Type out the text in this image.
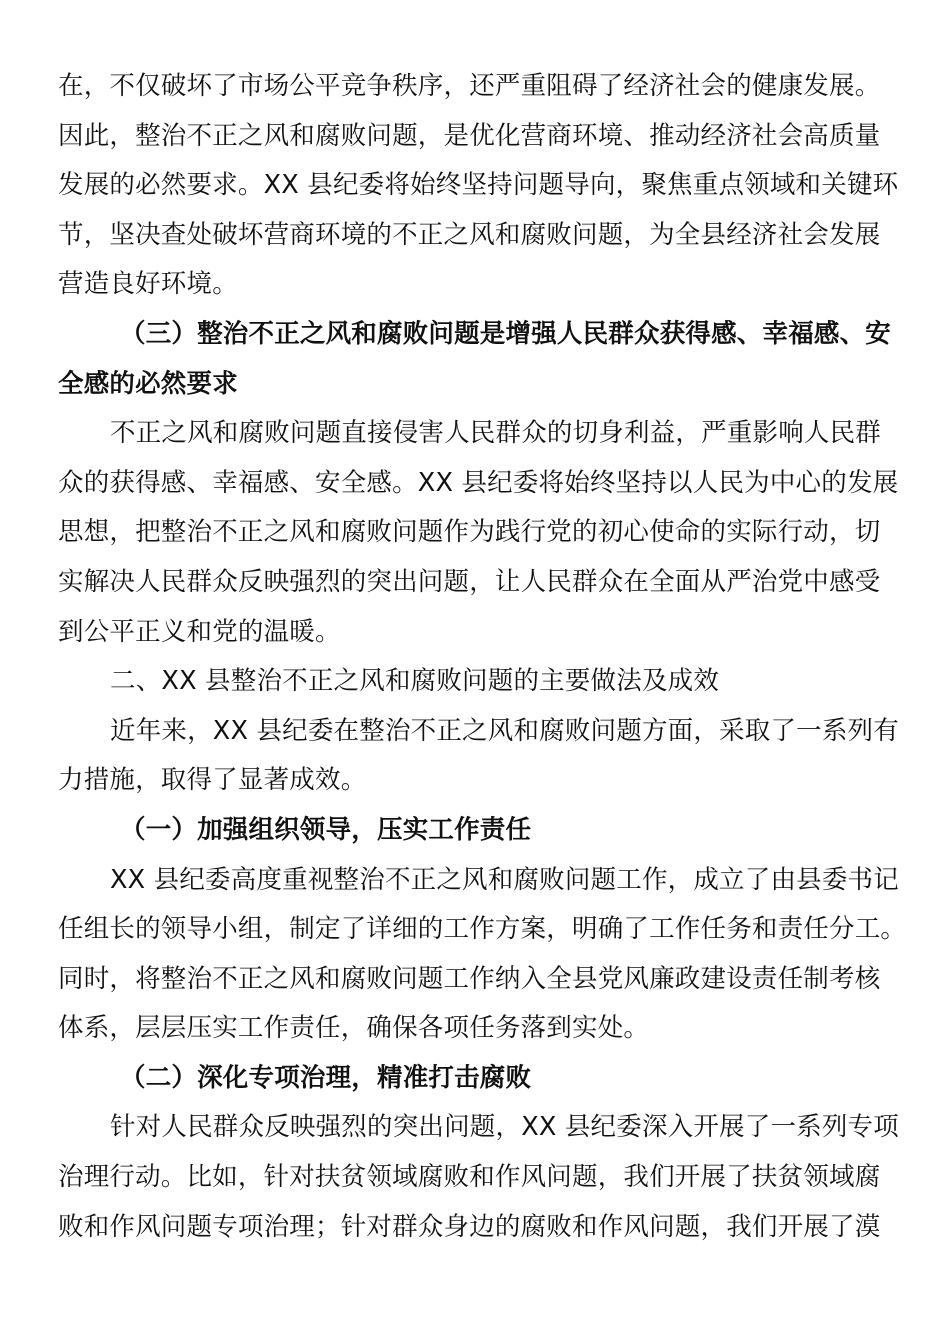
在，不仅破坏了市场公平竞争秩序，还严重阻碍了经济社会的健康发展。
因此，整治不正之风和腐败问题，是优化营商环境、推动经济社会高质量
发展的必然要求。XX 县纪委将始终坚持问题导向，聚焦重点领域和关键环
节，坚决查处破坏营商环境的不正之风和腐败问题，为全县经济社会发展
营造良好环境。
（三）整治不正之风和腐败问题是增强人民群众获得感、幸福感、安
全感的必然要求
不正之风和腐败问题直接侵害人民群众的切身利益，严重影响人民群
众的获得感、幸福感、安全感。XX 县纪委将始终坚持以人民为中心的发展
思想，把整治不正之风和腐败问题作为践行党的初心使命的实际行动，切
实解决人民群众反映强烈的突出问题，让人民群众在全面从严治党中感受
到公平正义和党的温暖。
二、XX 县整治不正之风和腐败问题的主要做法及成效
近年来，XX 县纪委在整治不正之风和腐败问题方面，采取了一系列有
力措施，取得了显著成效。
（一）加强组织领导，压实工作责任
XX 县纪委高度重视整治不正之风和腐败问题工作，成立了由县委书记
任组长的领导小组，制定了详细的工作方案，明确了工作任务和责任分工。
同时，将整治不正之风和腐败问题工作纳入全县党风廉政建设责任制考核
体系，层层压实工作责任，确保各项任务落到实处。
（二）深化专项治理，精准打击腐败
针对人民群众反映强烈的突出问题，XX 县纪委深入开展了一系列专项
治理行动。比如，针对扶贫领域腐败和作风问题，我们开展了扶贫领域腐
败和作风问题专项治理；针对群众身边的腐败和作风问题，我们开展了漠
